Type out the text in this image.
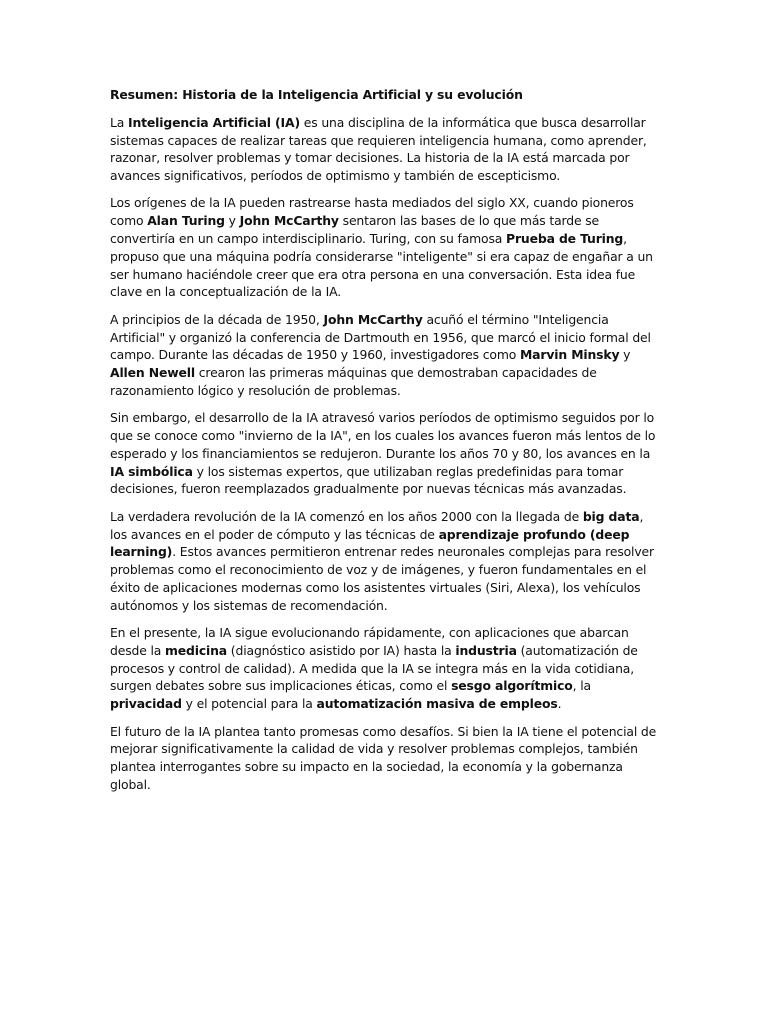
Resumen: Historia de la Inteligencia Artificial y su evolución

La Inteligencia Artificial (IA) es una disciplina de la informática que busca desarrollar sistemas capaces de realizar tareas que requieren inteligencia humana, como aprender, razonar, resolver problemas y tomar decisiones. La historia de la IA está marcada por avances significativos, períodos de optimismo y también de escepticismo.

Los orígenes de la IA pueden rastrearse hasta mediados del siglo XX, cuando pioneros como Alan Turing y John McCarthy sentaron las bases de lo que más tarde se convertiría en un campo interdisciplinario. Turing, con su famosa Prueba de Turing, propuso que una máquina podría considerarse "inteligente" si era capaz de engañar a un ser humano haciéndole creer que era otra persona en una conversación. Esta idea fue clave en la conceptualización de la IA.

A principios de la década de 1950, John McCarthy acuñó el término "Inteligencia Artificial" y organizó la conferencia de Dartmouth en 1956, que marcó el inicio formal del campo. Durante las décadas de 1950 y 1960, investigadores como Marvin Minsky y Allen Newell crearon las primeras máquinas que demostraban capacidades de razonamiento lógico y resolución de problemas.

Sin embargo, el desarrollo de la IA atravesó varios períodos de optimismo seguidos por lo que se conoce como "invierno de la IA", en los cuales los avances fueron más lentos de lo esperado y los financiamientos se redujeron. Durante los años 70 y 80, los avances en la IA simbólica y los sistemas expertos, que utilizaban reglas predefinidas para tomar decisiones, fueron reemplazados gradualmente por nuevas técnicas más avanzadas.

La verdadera revolución de la IA comenzó en los años 2000 con la llegada de big data, los avances en el poder de cómputo y las técnicas de aprendizaje profundo (deep learning). Estos avances permitieron entrenar redes neuronales complejas para resolver problemas como el reconocimiento de voz y de imágenes, y fueron fundamentales en el éxito de aplicaciones modernas como los asistentes virtuales (Siri, Alexa), los vehículos autónomos y los sistemas de recomendación.

En el presente, la IA sigue evolucionando rápidamente, con aplicaciones que abarcan desde la medicina (diagnóstico asistido por IA) hasta la industria (automatización de procesos y control de calidad). A medida que la IA se integra más en la vida cotidiana, surgen debates sobre sus implicaciones éticas, como el sesgo algorítmico, la privacidad y el potencial para la automatización masiva de empleos.

El futuro de la IA plantea tanto promesas como desafíos. Si bien la IA tiene el potencial de mejorar significativamente la calidad de vida y resolver problemas complejos, también plantea interrogantes sobre su impacto en la sociedad, la economía y la gobernanza global.
